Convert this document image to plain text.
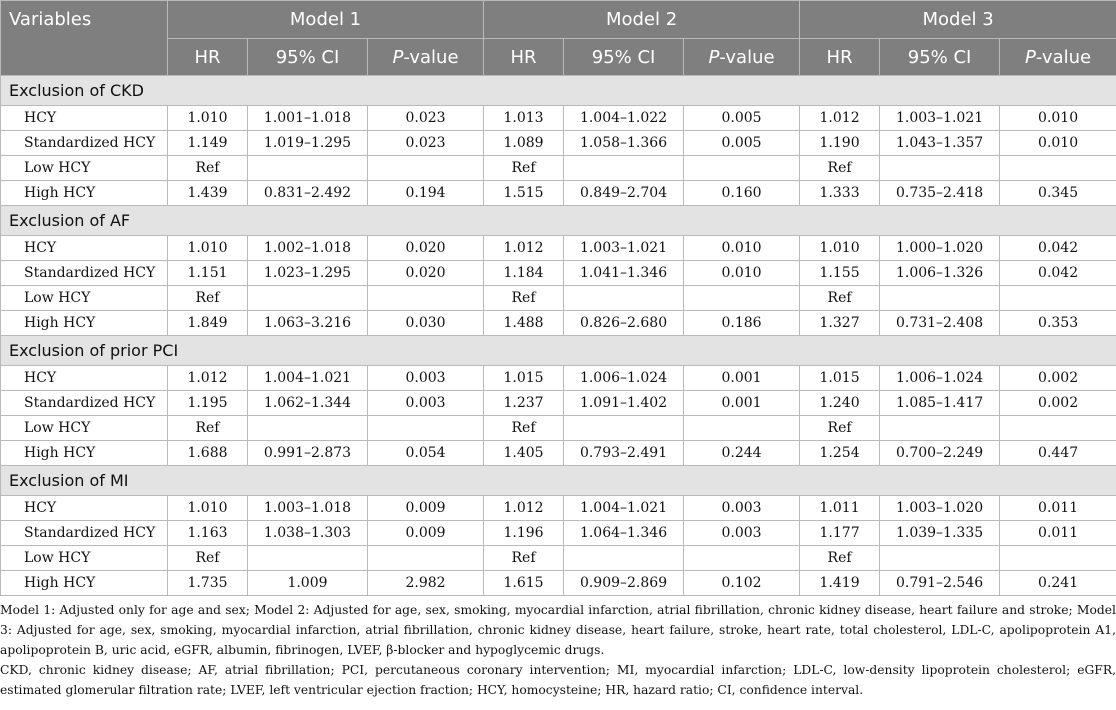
Variables	Model 1			Model 2			Model 3		
	HR	95% CI	P-value	HR	95% CI	P-value	HR	95% CI	P-value
Exclusion of CKD									
HCY	1.010	1.001–1.018	0.023	1.013	1.004–1.022	0.005	1.012	1.003–1.021	0.010
Standardized HCY	1.149	1.019–1.295	0.023	1.089	1.058–1.366	0.005	1.190	1.043–1.357	0.010
Low HCY	Ref			Ref			Ref		
High HCY	1.439	0.831–2.492	0.194	1.515	0.849–2.704	0.160	1.333	0.735–2.418	0.345
Exclusion of AF									
HCY	1.010	1.002–1.018	0.020	1.012	1.003–1.021	0.010	1.010	1.000–1.020	0.042
Standardized HCY	1.151	1.023–1.295	0.020	1.184	1.041–1.346	0.010	1.155	1.006–1.326	0.042
Low HCY	Ref			Ref			Ref		
High HCY	1.849	1.063–3.216	0.030	1.488	0.826–2.680	0.186	1.327	0.731–2.408	0.353
Exclusion of prior PCI									
HCY	1.012	1.004–1.021	0.003	1.015	1.006–1.024	0.001	1.015	1.006–1.024	0.002
Standardized HCY	1.195	1.062–1.344	0.003	1.237	1.091–1.402	0.001	1.240	1.085–1.417	0.002
Low HCY	Ref			Ref			Ref		
High HCY	1.688	0.991–2.873	0.054	1.405	0.793–2.491	0.244	1.254	0.700–2.249	0.447
Exclusion of MI									
HCY	1.010	1.003–1.018	0.009	1.012	1.004–1.021	0.003	1.011	1.003–1.020	0.011
Standardized HCY	1.163	1.038–1.303	0.009	1.196	1.064–1.346	0.003	1.177	1.039–1.335	0.011
Low HCY	Ref			Ref			Ref		
High HCY	1.735	1.009	2.982	1.615	0.909–2.869	0.102	1.419	0.791–2.546	0.241

Model 1: Adjusted only for age and sex; Model 2: Adjusted for age, sex, smoking, myocardial infarction, atrial fibrillation, chronic kidney disease, heart failure and stroke; Model 3: Adjusted for age, sex, smoking, myocardial infarction, atrial fibrillation, chronic kidney disease, heart failure, stroke, heart rate, total cholesterol, LDL-C, apolipoprotein A1, apolipoprotein B, uric acid, eGFR, albumin, fibrinogen, LVEF, β-blocker and hypoglycemic drugs.

CKD, chronic kidney disease; AF, atrial fibrillation; PCI, percutaneous coronary intervention; MI, myocardial infarction; LDL-C, low-density lipoprotein cholesterol; eGFR, estimated glomerular filtration rate; LVEF, left ventricular ejection fraction; HCY, homocysteine; HR, hazard ratio; CI, confidence interval.
